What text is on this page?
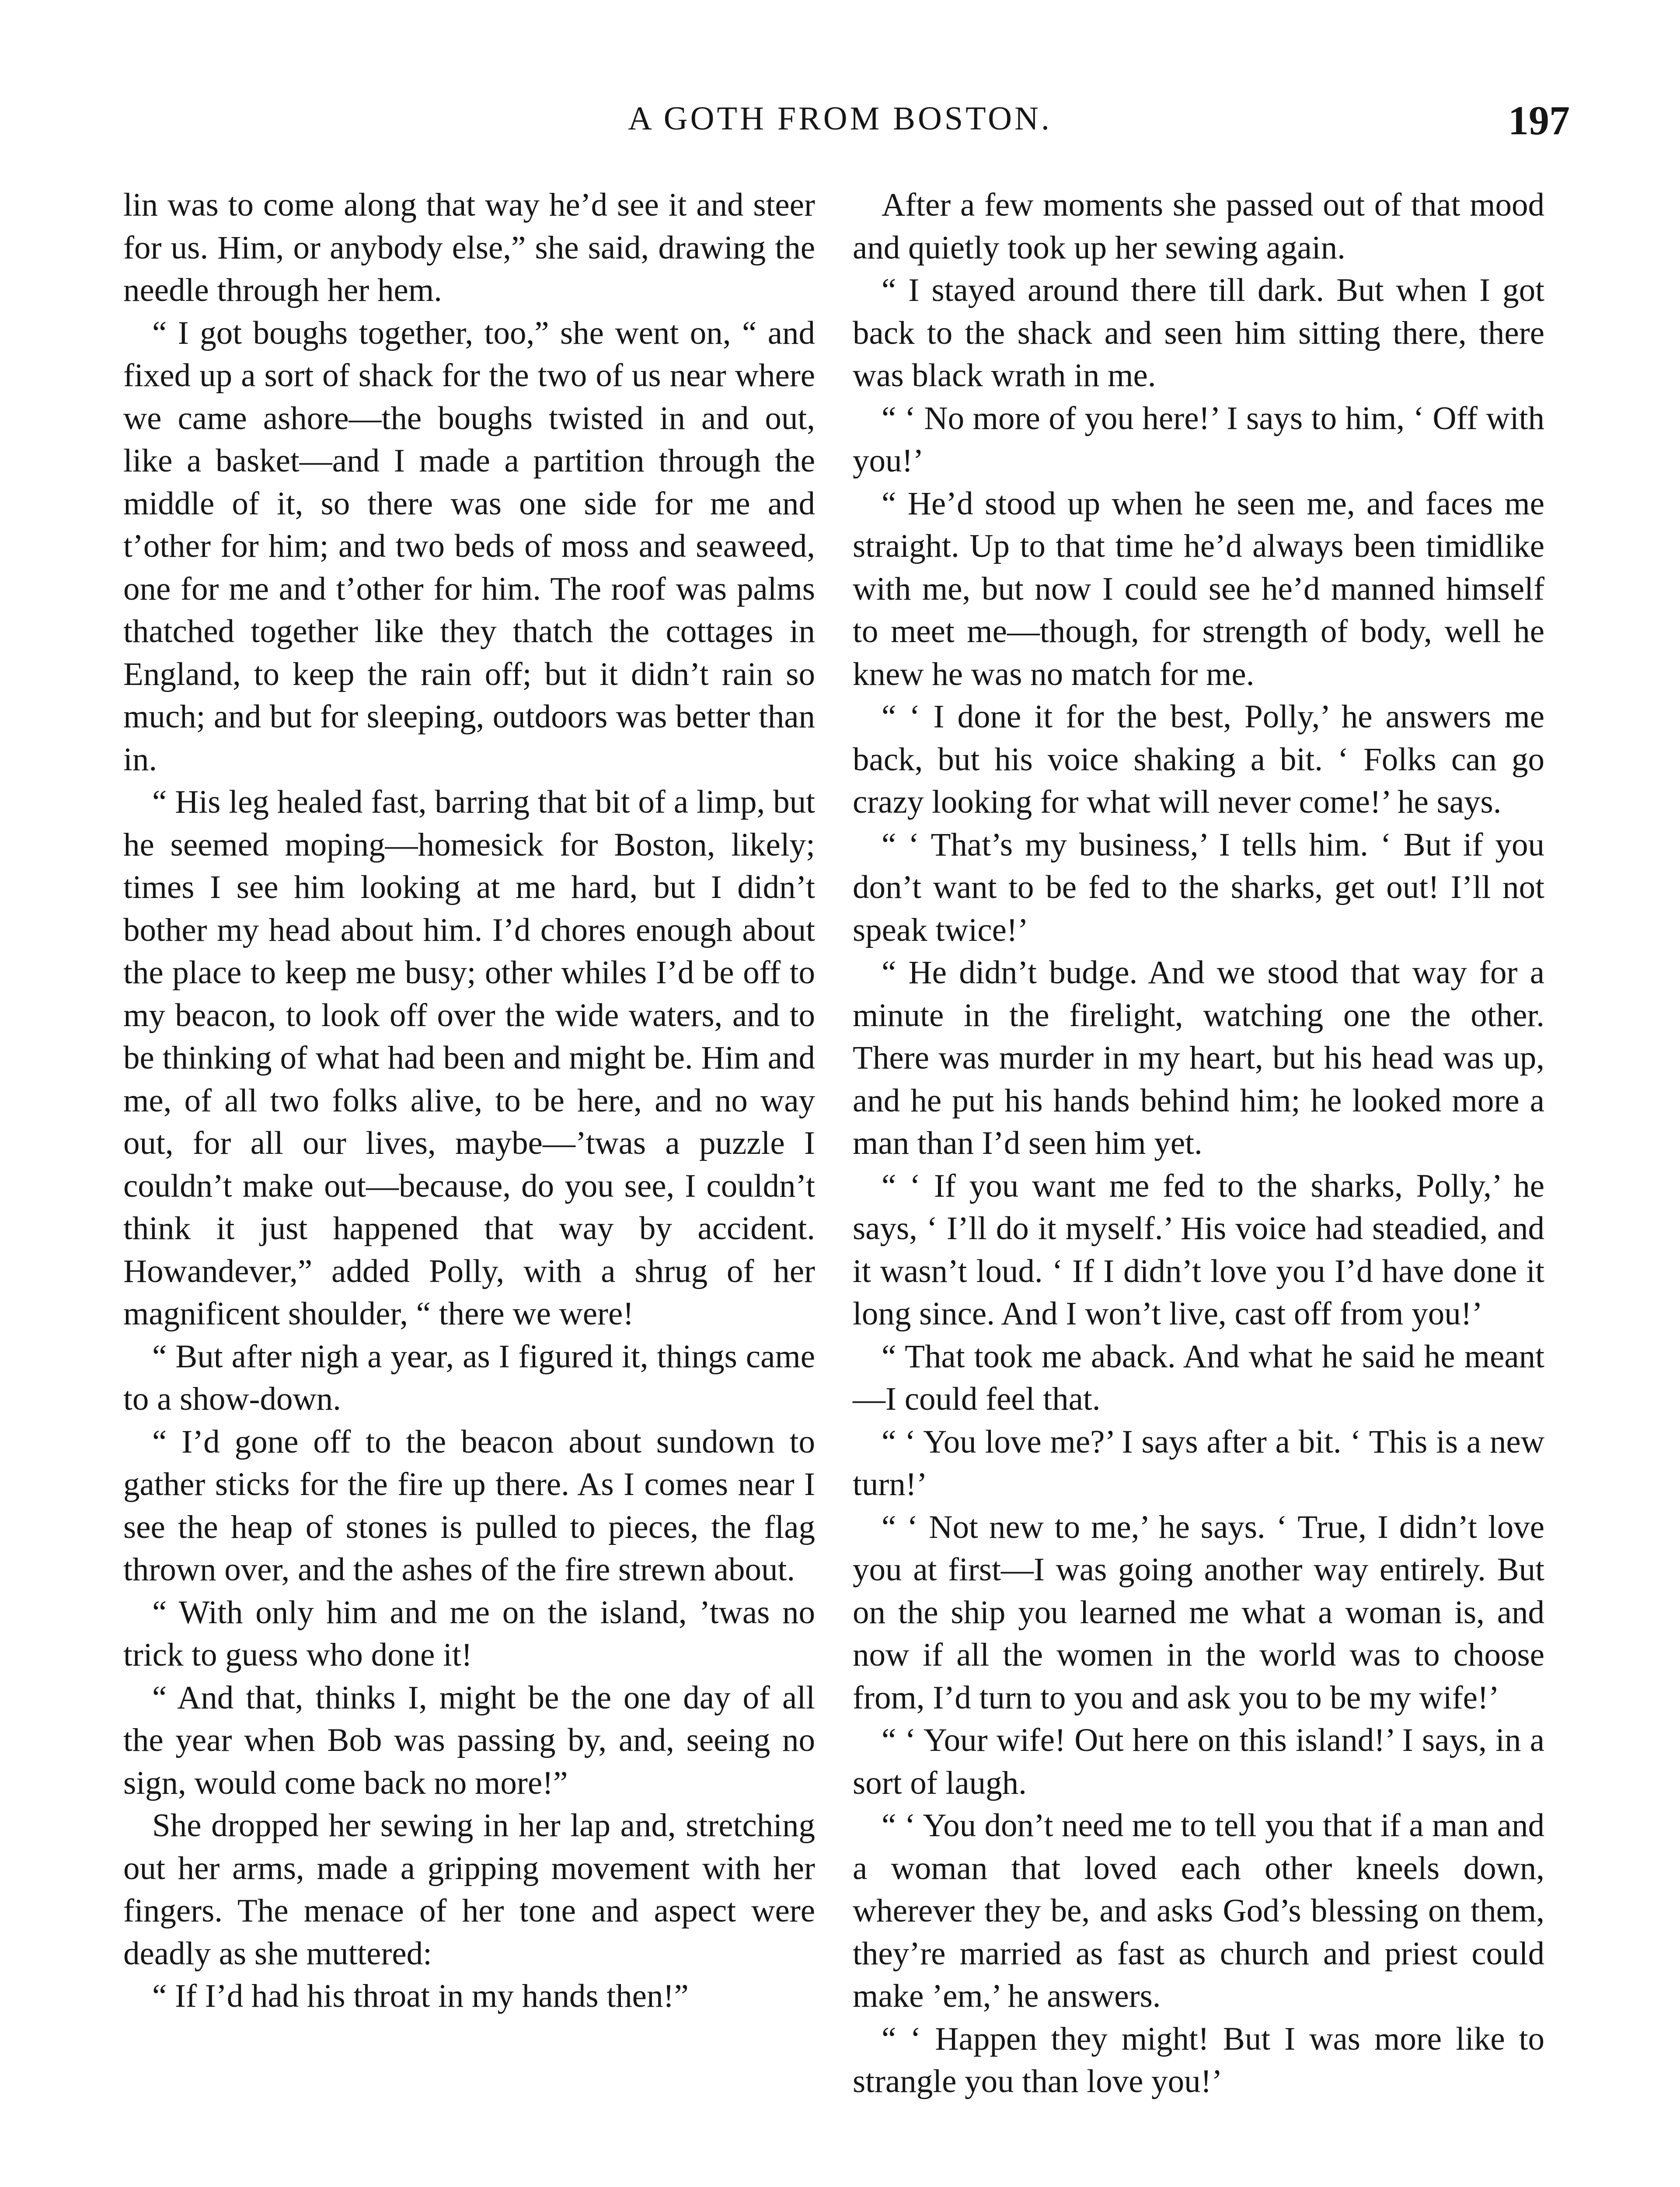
A GOTH FROM BOSTON.	197

lin was to come along that way he’d see it and steer for us. Him, or anybody else,” she said, drawing the needle through her hem.

“ I got boughs together, too,” she went on, “ and fixed up a sort of shack for the two of us near where we came ashore—the boughs twisted in and out, like a basket—and I made a partition through the middle of it, so there was one side for me and t’other for him; and two beds of moss and seaweed, one for me and t’other for him. The roof was palms thatched together like they thatch the cottages in England, to keep the rain off; but it didn’t rain so much; and but for sleeping, outdoors was better than in.

“ His leg healed fast, barring that bit of a limp, but he seemed moping—homesick for Boston, likely; times I see him looking at me hard, but I didn’t bother my head about him. I’d chores enough about the place to keep me busy; other whiles I’d be off to my beacon, to look off over the wide waters, and to be thinking of what had been and might be. Him and me, of all two folks alive, to be here, and no way out, for all our lives, maybe—’twas a puzzle I couldn’t make out—because, do you see, I couldn’t think it just happened that way by accident. Howandever,” added Polly, with a shrug of her magnificent shoulder, “ there we were!

“ But after nigh a year, as I figured it, things came to a show-down.

“ I’d gone off to the beacon about sundown to gather sticks for the fire up there. As I comes near I see the heap of stones is pulled to pieces, the flag thrown over, and the ashes of the fire strewn about.

“ With only him and me on the island, ’twas no trick to guess who done it!

“ And that, thinks I, might be the one day of all the year when Bob was passing by, and, seeing no sign, would come back no more!”

She dropped her sewing in her lap and, stretching out her arms, made a gripping movement with her fingers. The menace of her tone and aspect were deadly as she muttered:

“ If I’d had his throat in my hands then!”

After a few moments she passed out of that mood and quietly took up her sewing again.

“ I stayed around there till dark. But when I got back to the shack and seen him sitting there, there was black wrath in me.

“ ‘ No more of you here!’ I says to him, ‘ Off with you!’

“ He’d stood up when he seen me, and faces me straight. Up to that time he’d always been timidlike with me, but now I could see he’d manned himself to meet me—though, for strength of body, well he knew he was no match for me.

“ ‘ I done it for the best, Polly,’ he answers me back, but his voice shaking a bit. ‘ Folks can go crazy looking for what will never come!’ he says.

“ ‘ That’s my business,’ I tells him. ‘ But if you don’t want to be fed to the sharks, get out! I’ll not speak twice!’

“ He didn’t budge. And we stood that way for a minute in the firelight, watching one the other. There was murder in my heart, but his head was up, and he put his hands behind him; he looked more a man than I’d seen him yet.

“ ‘ If you want me fed to the sharks, Polly,’ he says, ‘ I’ll do it myself.’ His voice had steadied, and it wasn’t loud. ‘ If I didn’t love you I’d have done it long since. And I won’t live, cast off from you!’

“ That took me aback. And what he said he meant—I could feel that.

“ ‘ You love me?’ I says after a bit. ‘ This is a new turn!’

“ ‘ Not new to me,’ he says. ‘ True, I didn’t love you at first—I was going another way entirely. But on the ship you learned me what a woman is, and now if all the women in the world was to choose from, I’d turn to you and ask you to be my wife!’

“ ‘ Your wife! Out here on this island!’ I says, in a sort of laugh.

“ ‘ You don’t need me to tell you that if a man and a woman that loved each other kneels down, wherever they be, and asks God’s blessing on them, they’re married as fast as church and priest could make ’em,’ he answers.

“ ‘ Happen they might! But I was more like to strangle you than love you!’
